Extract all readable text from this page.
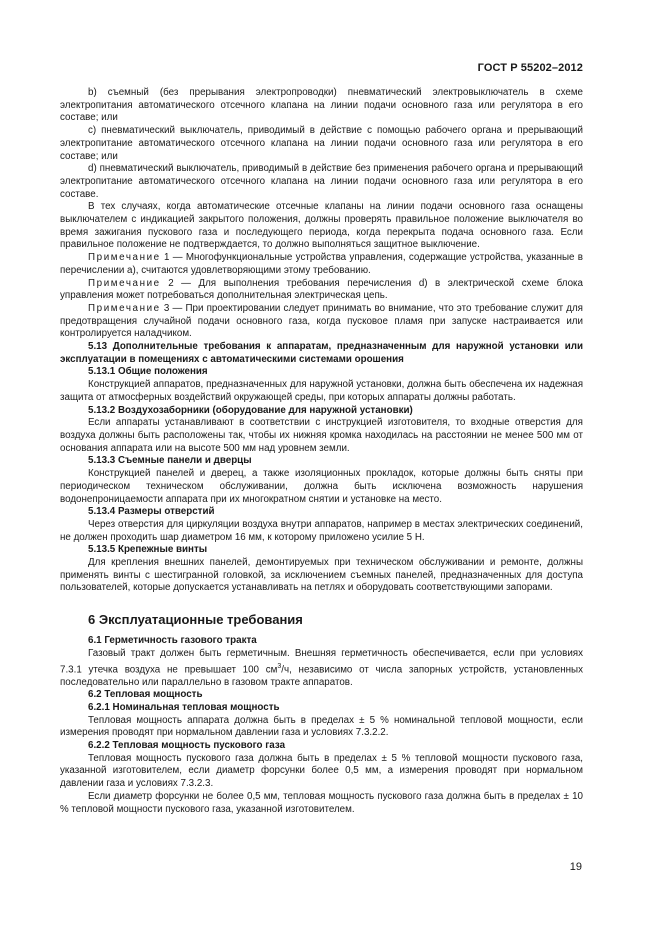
ГОСТ Р 55202–2012

b) съемный (без прерывания электропроводки) пневматический электровыключатель в схеме электропитания автоматического отсечного клапана на линии подачи основного газа или регулятора в его составе; или

c) пневматический выключатель, приводимый в действие с помощью рабочего органа и прерывающий электропитание автоматического отсечного клапана на линии подачи основного газа или регулятора в его составе; или

d) пневматический выключатель, приводимый в действие без применения рабочего органа и прерывающий электропитание автоматического отсечного клапана на линии подачи основного газа или регулятора в его составе.

В тех случаях, когда автоматические отсечные клапаны на линии подачи основного газа оснащены выключателем с индикацией закрытого положения, должны проверять правильное положение выключателя во время зажигания пускового газа и последующего периода, когда перекрыта подача основного газа. Если правильное положение не подтверждается, то должно выполняться защитное выключение.

Примечание 1 — Многофункциональные устройства управления, содержащие устройства, указанные в перечислении а), считаются удовлетворяющими этому требованию.

Примечание 2 — Для выполнения требования перечисления d) в электрической схеме блока управления может потребоваться дополнительная электрическая цепь.

Примечание 3 — При проектировании следует принимать во внимание, что это требование служит для предотвращения случайной подачи основного газа, когда пусковое пламя при запуске настраивается или контролируется наладчиком.

5.13 Дополнительные требования к аппаратам, предназначенным для наружной установки или эксплуатации в помещениях с автоматическими системами орошения

5.13.1 Общие положения

Конструкцией аппаратов, предназначенных для наружной установки, должна быть обеспечена их надежная защита от атмосферных воздействий окружающей среды, при которых аппараты должны работать.

5.13.2 Воздухозаборники (оборудование для наружной установки)

Если аппараты устанавливают в соответствии с инструкцией изготовителя, то входные отверстия для воздуха должны быть расположены так, чтобы их нижняя кромка находилась на расстоянии не менее 500 мм от основания аппарата или на высоте 500 мм над уровнем земли.

5.13.3 Съемные панели и дверцы

Конструкцией панелей и дверец, а также изоляционных прокладок, которые должны быть сняты при периодическом техническом обслуживании, должна быть исключена возможность нарушения водонепроницаемости аппарата при их многократном снятии и установке на место.

5.13.4 Размеры отверстий

Через отверстия для циркуляции воздуха внутри аппаратов, например в местах электрических соединений, не должен проходить шар диаметром 16 мм, к которому приложено усилие 5 Н.

5.13.5 Крепежные винты

Для крепления внешних панелей, демонтируемых при техническом обслуживании и ремонте, должны применять винты с шестигранной головкой, за исключением съемных панелей, предназначенных для доступа пользователей, которые допускается устанавливать на петлях и оборудовать соответствующими запорами.

6 Эксплуатационные требования

6.1 Герметичность газового тракта

Газовый тракт должен быть герметичным. Внешняя герметичность обеспечивается, если при условиях 7.3.1 утечка воздуха не превышает 100 $см^3/ч$, независимо от числа запорных устройств, установленных последовательно или параллельно в газовом тракте аппаратов.

6.2 Тепловая мощность

6.2.1 Номинальная тепловая мощность

Тепловая мощность аппарата должна быть в пределах ± 5 % номинальной тепловой мощности, если измерения проводят при нормальном давлении газа и условиях 7.3.2.2.

6.2.2 Тепловая мощность пускового газа

Тепловая мощность пускового газа должна быть в пределах ± 5 % тепловой мощности пускового газа, указанной изготовителем, если диаметр форсунки более 0,5 мм, а измерения проводят при нормальном давлении газа и условиях 7.3.2.3.

Если диаметр форсунки не более 0,5 мм, тепловая мощность пускового газа должна быть в пределах ± 10 % тепловой мощности пускового газа, указанной изготовителем.

19
